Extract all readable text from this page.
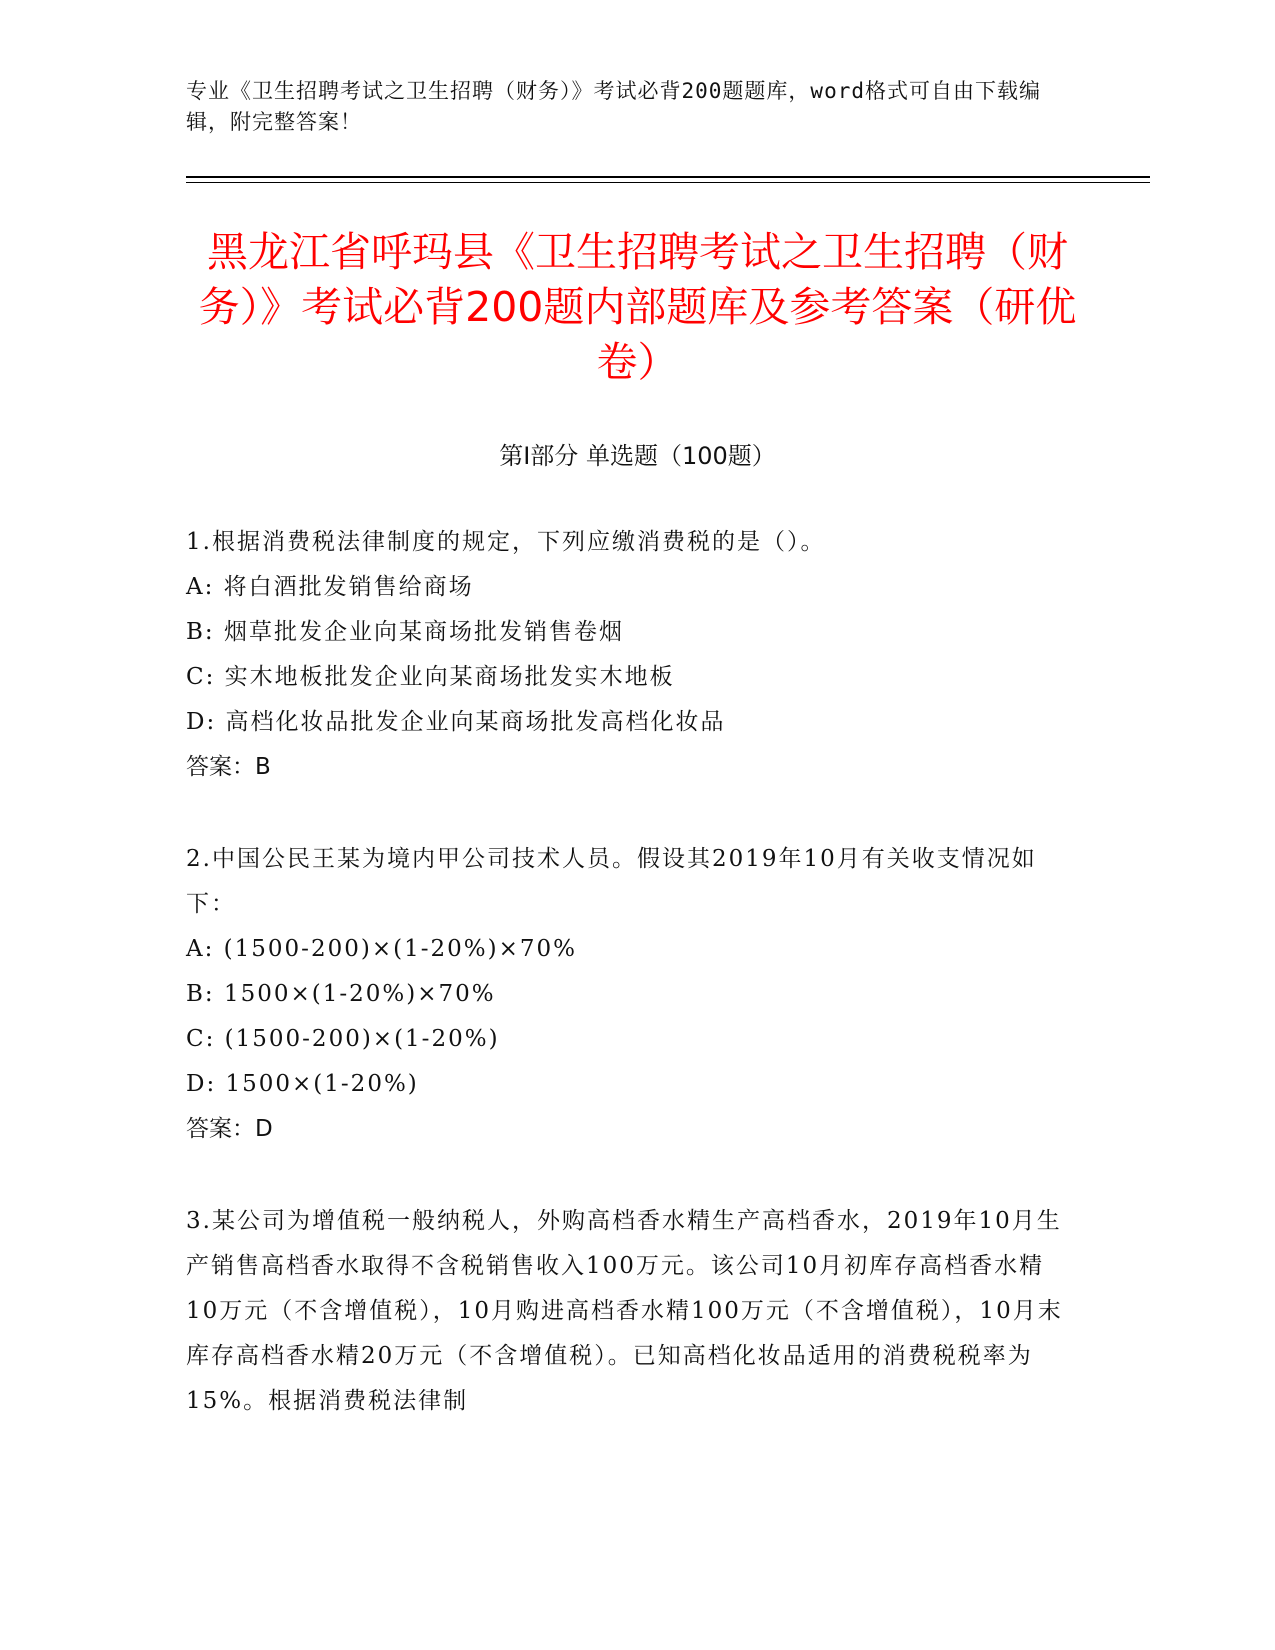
专业《卫生招聘考试之卫生招聘（财务）》考试必背200题题库，word格式可自由下载编辑，附完整答案！
黑龙江省呼玛县《卫生招聘考试之卫生招聘（财务）》考试必背200题内部题库及参考答案（研优卷）
第Ⅰ部分 单选题（100题）

1.根据消费税法律制度的规定，下列应缴消费税的是（）。

A: 将白酒批发销售给商场

B: 烟草批发企业向某商场批发销售卷烟

C: 实木地板批发企业向某商场批发实木地板

D: 高档化妆品批发企业向某商场批发高档化妆品

答案：B

2.中国公民王某为境内甲公司技术人员。假设其2019年10月有关收支情况如下：

A: (1500-200)×(1-20%)×70%

B: 1500×(1-20%)×70%

C: (1500-200)×(1-20%)

D: 1500×(1-20%)

答案：D

3.某公司为增值税一般纳税人，外购高档香水精生产高档香水，2019年10月生产销售高档香水取得不含税销售收入100万元。该公司10月初库存高档香水精10万元（不含增值税），10月购进高档香水精100万元（不含增值税），10月末库存高档香水精20万元（不含增值税）。已知高档化妆品适用的消费税税率为15%。根据消费税法律制
